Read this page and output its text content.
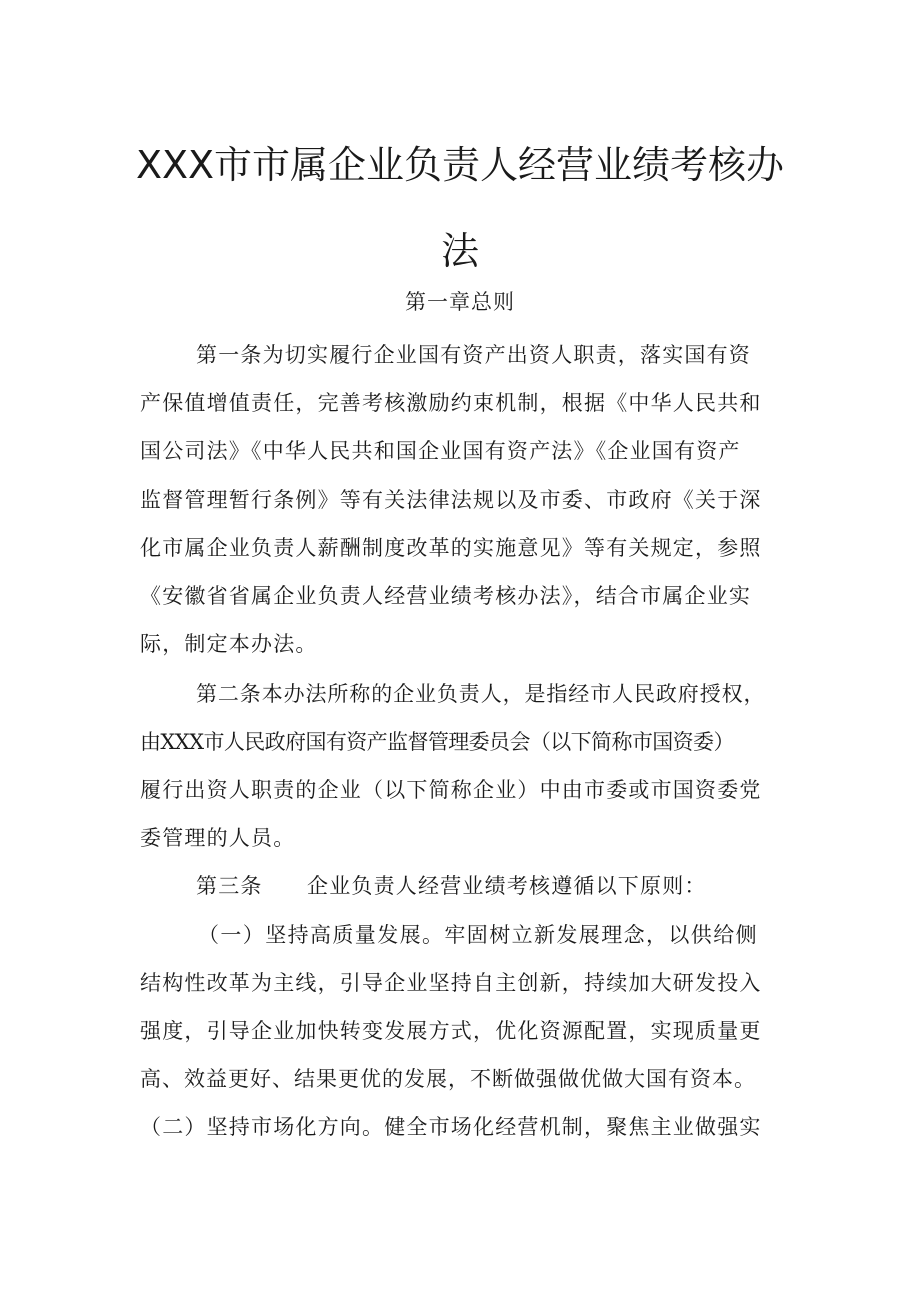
XXX市市属企业负责人经营业绩考核办
法
第一章总则
第一条为切实履行企业国有资产出资人职责，落实国有资
产保值增值责任，完善考核激励约束机制，根据《中华人民共和
国公司法》《中华人民共和国企业国有资产法》《企业国有资产
监督管理暂行条例》等有关法律法规以及市委、市政府《关于深
化市属企业负责人薪酬制度改革的实施意见》等有关规定，参照
《安徽省省属企业负责人经营业绩考核办法》，结合市属企业实
际，制定本办法。
第二条本办法所称的企业负责人，是指经市人民政府授权，
由XXX市人民政府国有资产监督管理委员会（以下简称市国资委）
履行出资人职责的企业（以下简称企业）中由市委或市国资委党
委管理的人员。
第三条　　企业负责人经营业绩考核遵循以下原则：
（一）坚持高质量发展。牢固树立新发展理念，以供给侧
结构性改革为主线，引导企业坚持自主创新，持续加大研发投入
强度，引导企业加快转变发展方式，优化资源配置，实现质量更
高、效益更好、结果更优的发展，不断做强做优做大国有资本。
（二）坚持市场化方向。健全市场化经营机制，聚焦主业做强实
